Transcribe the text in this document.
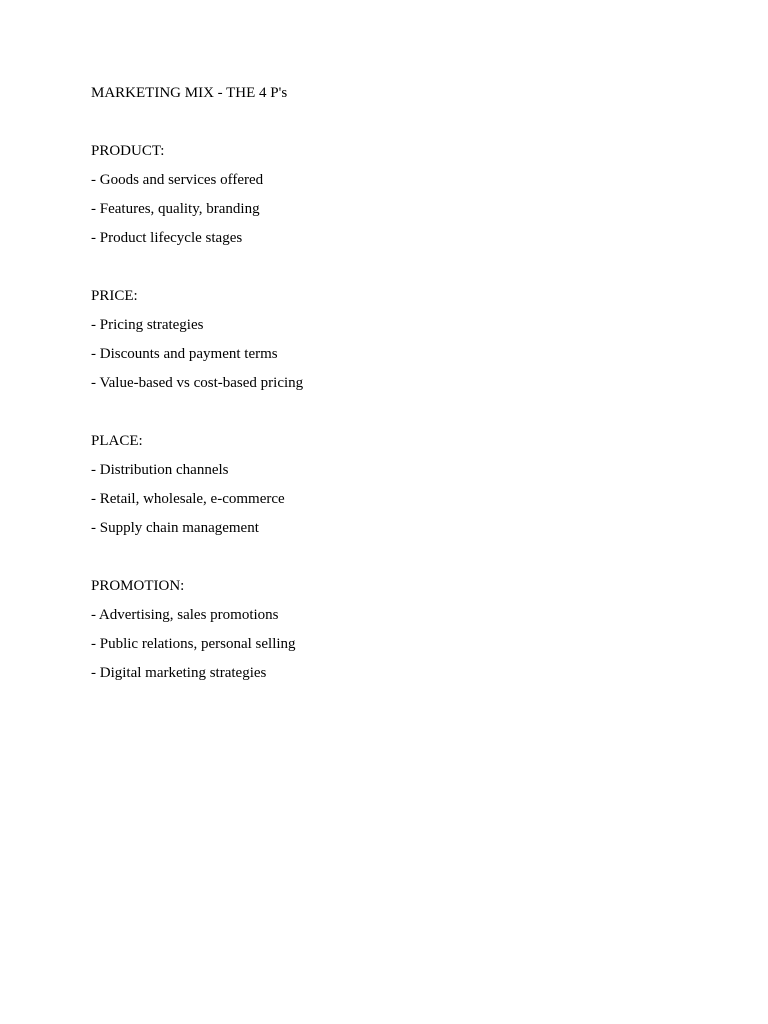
MARKETING MIX - THE 4 P's

PRODUCT:

- Goods and services offered

- Features, quality, branding

- Product lifecycle stages

PRICE:

- Pricing strategies

- Discounts and payment terms

- Value-based vs cost-based pricing

PLACE:

- Distribution channels

- Retail, wholesale, e-commerce

- Supply chain management

PROMOTION:

- Advertising, sales promotions

- Public relations, personal selling

- Digital marketing strategies
